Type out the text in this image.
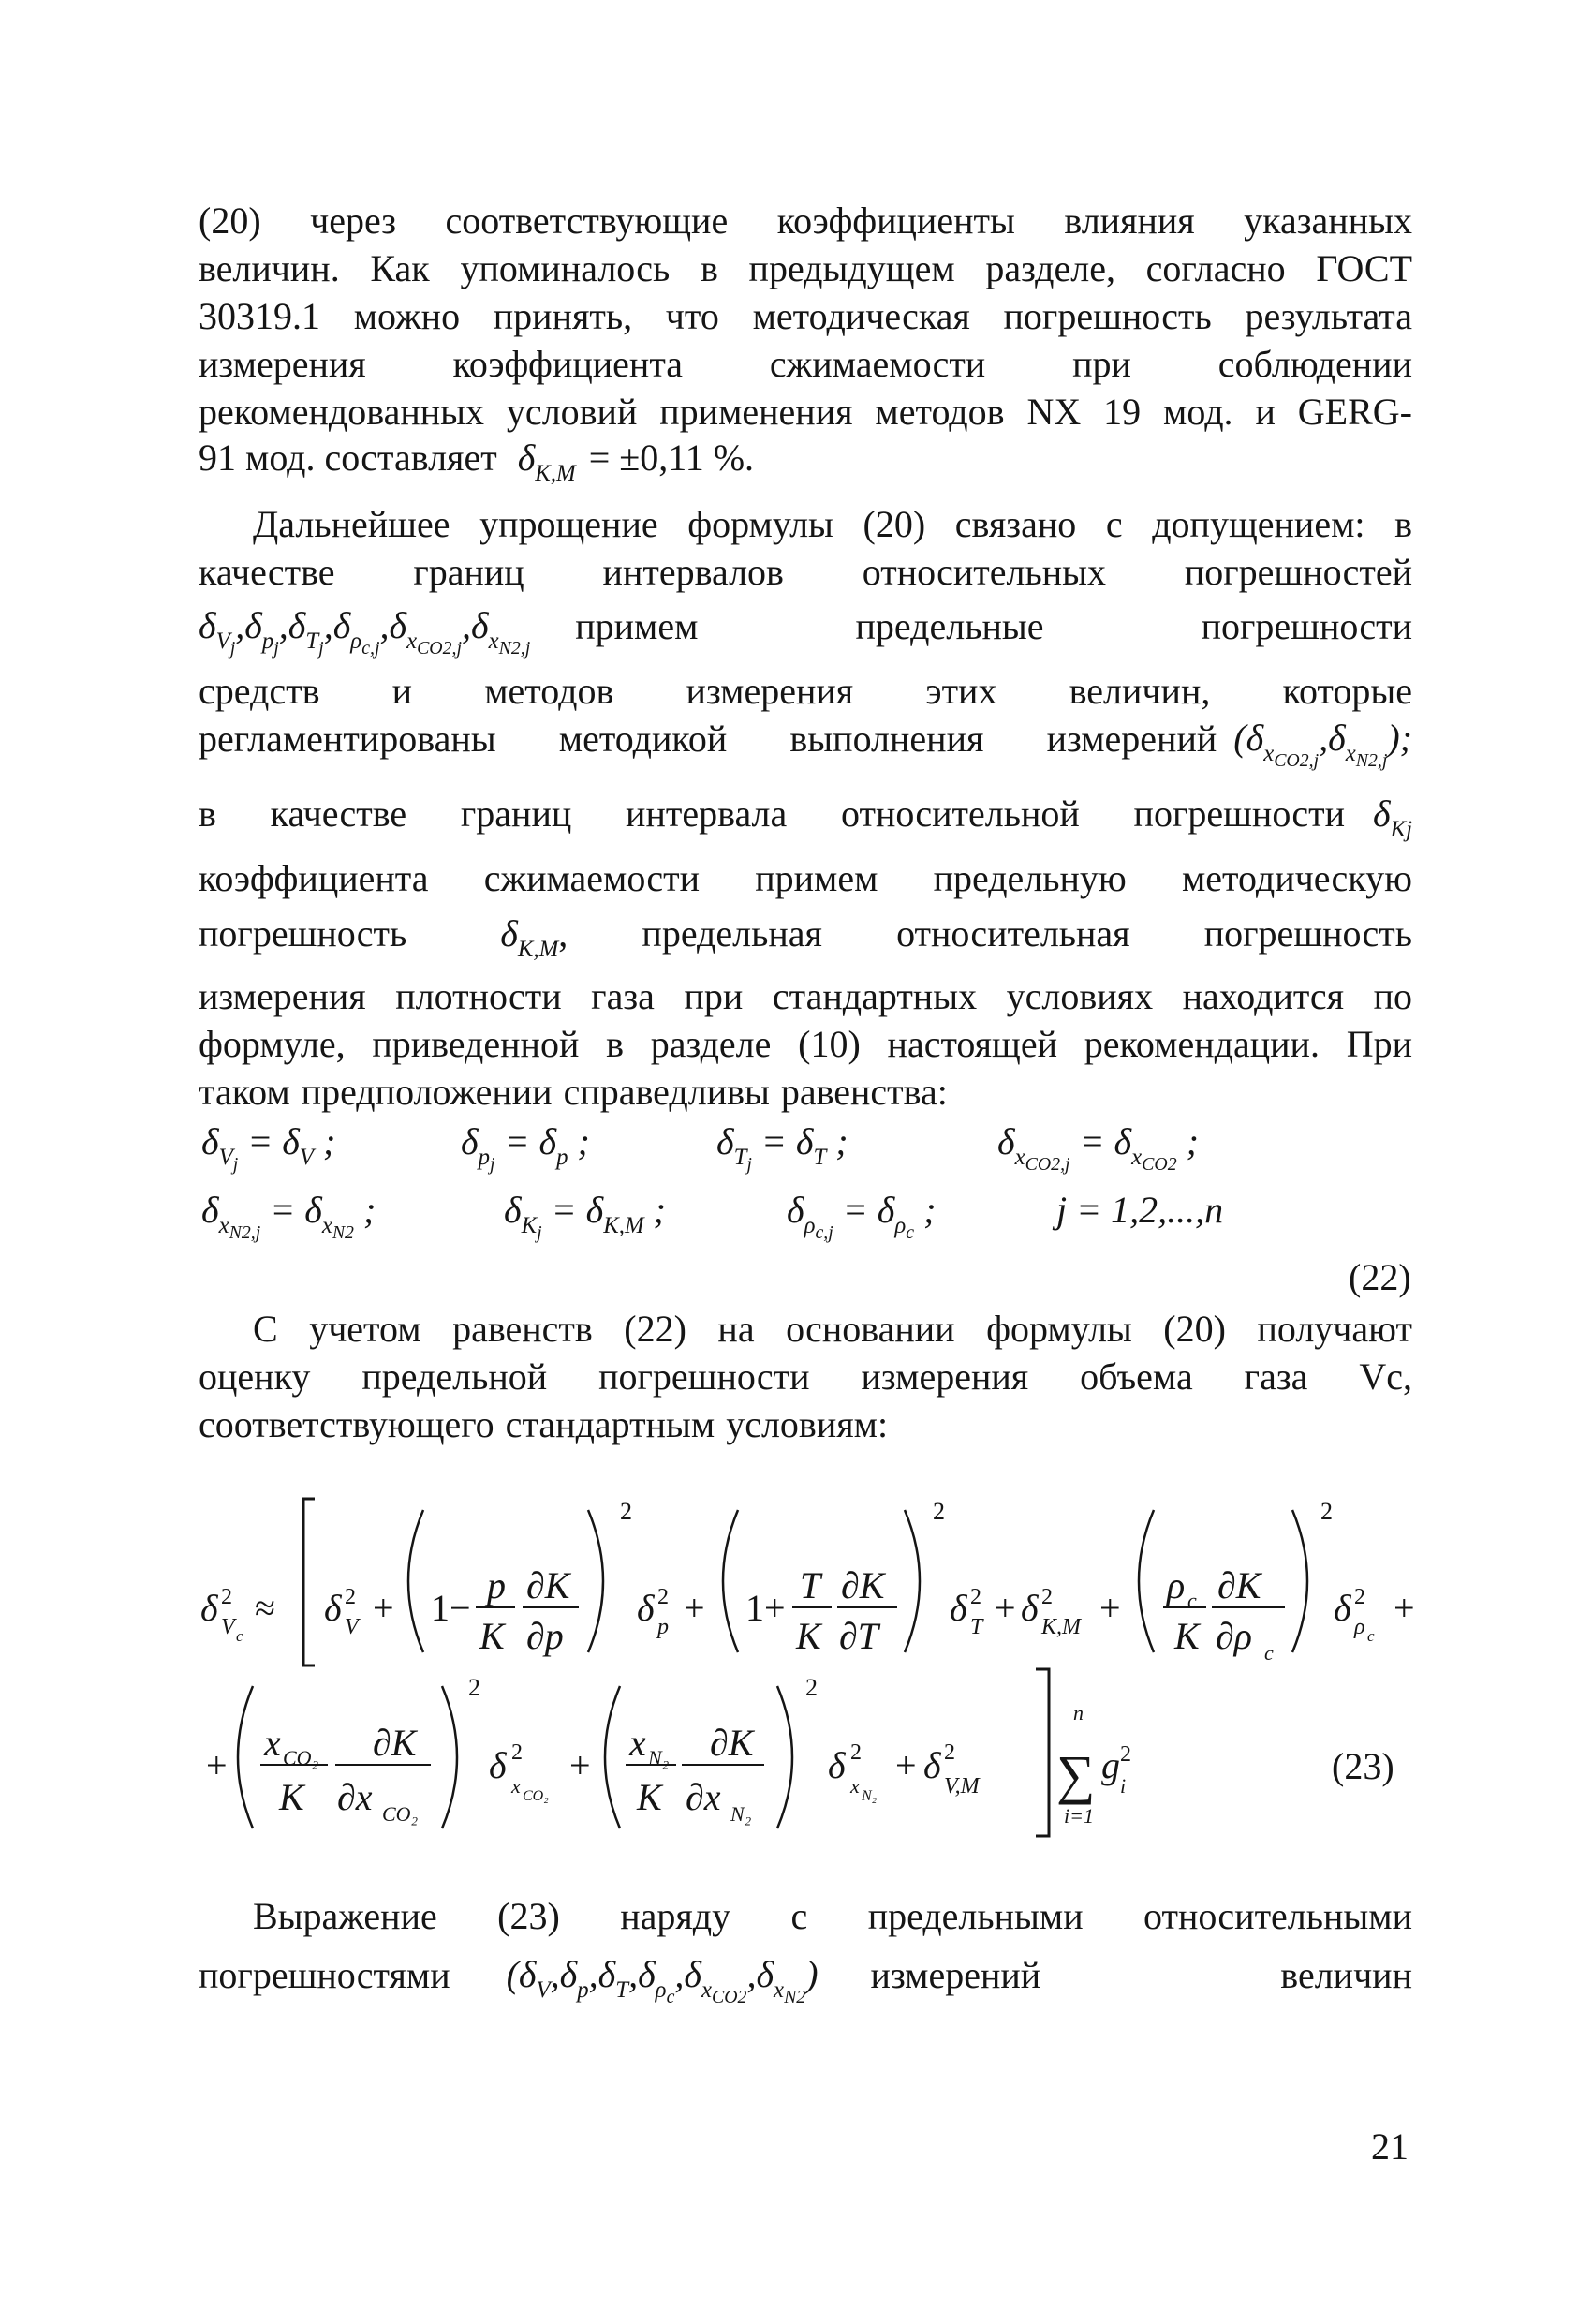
(20) через соответствующие коэффициенты влияния указанных

величин. Как упоминалось в предыдущем разделе, согласно ГОСТ

30319.1 можно принять, что методическая погрешность результата

измерения коэффициента сжимаемости при соблюдении

рекомендованных условий применения методов NX 19 мод. и GERG-

91 мод. составляет $\delta_{K,M} = \pm 0,11$ %.

Дальнейшее упрощение формулы (20) связано с допущением: в

качестве границ интервалов относительных погрешностей

$\delta_{V_j},\delta_{p_j},\delta_{T_j},\delta_{\rho_{c,j}},\delta_{x_{CO2,j}},\delta_{x_{N2,j}}$
примем предельные погрешности

средств и методов измерения этих величин, которые

регламентированы методикой выполнения измерений $(\delta_{x_{CO2,j}},\delta_{x_{N2,j}})$;
в качестве границ интервала относительной погрешности $\delta_{Kj}$

коэффициента сжимаемости примем предельную методическую

погрешность	$\delta_{K,M}$ , предельная относительная погрешность

измерения плотности газа при стандартных условиях находится по

формуле, приведенной в разделе (10) настоящей рекомендации. При

таком предположении справедливы равенства:

$\delta_{V_j} = \delta_V$ ;	$\delta_{p_j} = \delta_p$ ;	$\delta_{T_j} = \delta_T$ ;	$\delta_{x_{CO2,j}} = \delta_{x_{CO2}}$ ;
$\delta_{x_{N2,j}} = \delta_{x_{N2}}$ ;	$\delta_{K_j} = \delta_{K,M}$ ;	$\delta_{\rho_{c,j}} = \delta_{\rho_c}$ ;	j = 1,2,...,n
(22)

С учетом равенств (22) на основании формулы (20) получают

оценку предельной погрешности измерения объема газа Vc,

соответствующего стандартным условиям:

δ 2
V c
≈ δ 2
V + 1−
p
K
∂K
∂p
2
δ 2
p + 1+
T
K
∂K
∂T
2
δ 2
T + δ 2
K,M +
ρ c
K
∂K
∂ρ c
2
δ 2
ρ c
+
+
x CO₂
K
∂K
∂x CO₂
2
δ 2
x CO₂
+
x N₂
K
∂K
∂x N₂
2
δ 2
x N₂
+ δ 2
V,M
n
∑
i=1
g 2
i	(23)

Выражение (23) наряду с предельными относительными

погрешностями $(\delta_V,\delta_p,\delta_T,\delta_{\rho_c},\delta_{x_{CO2}},\delta_{x_{N2}})$ измерений величин
21
